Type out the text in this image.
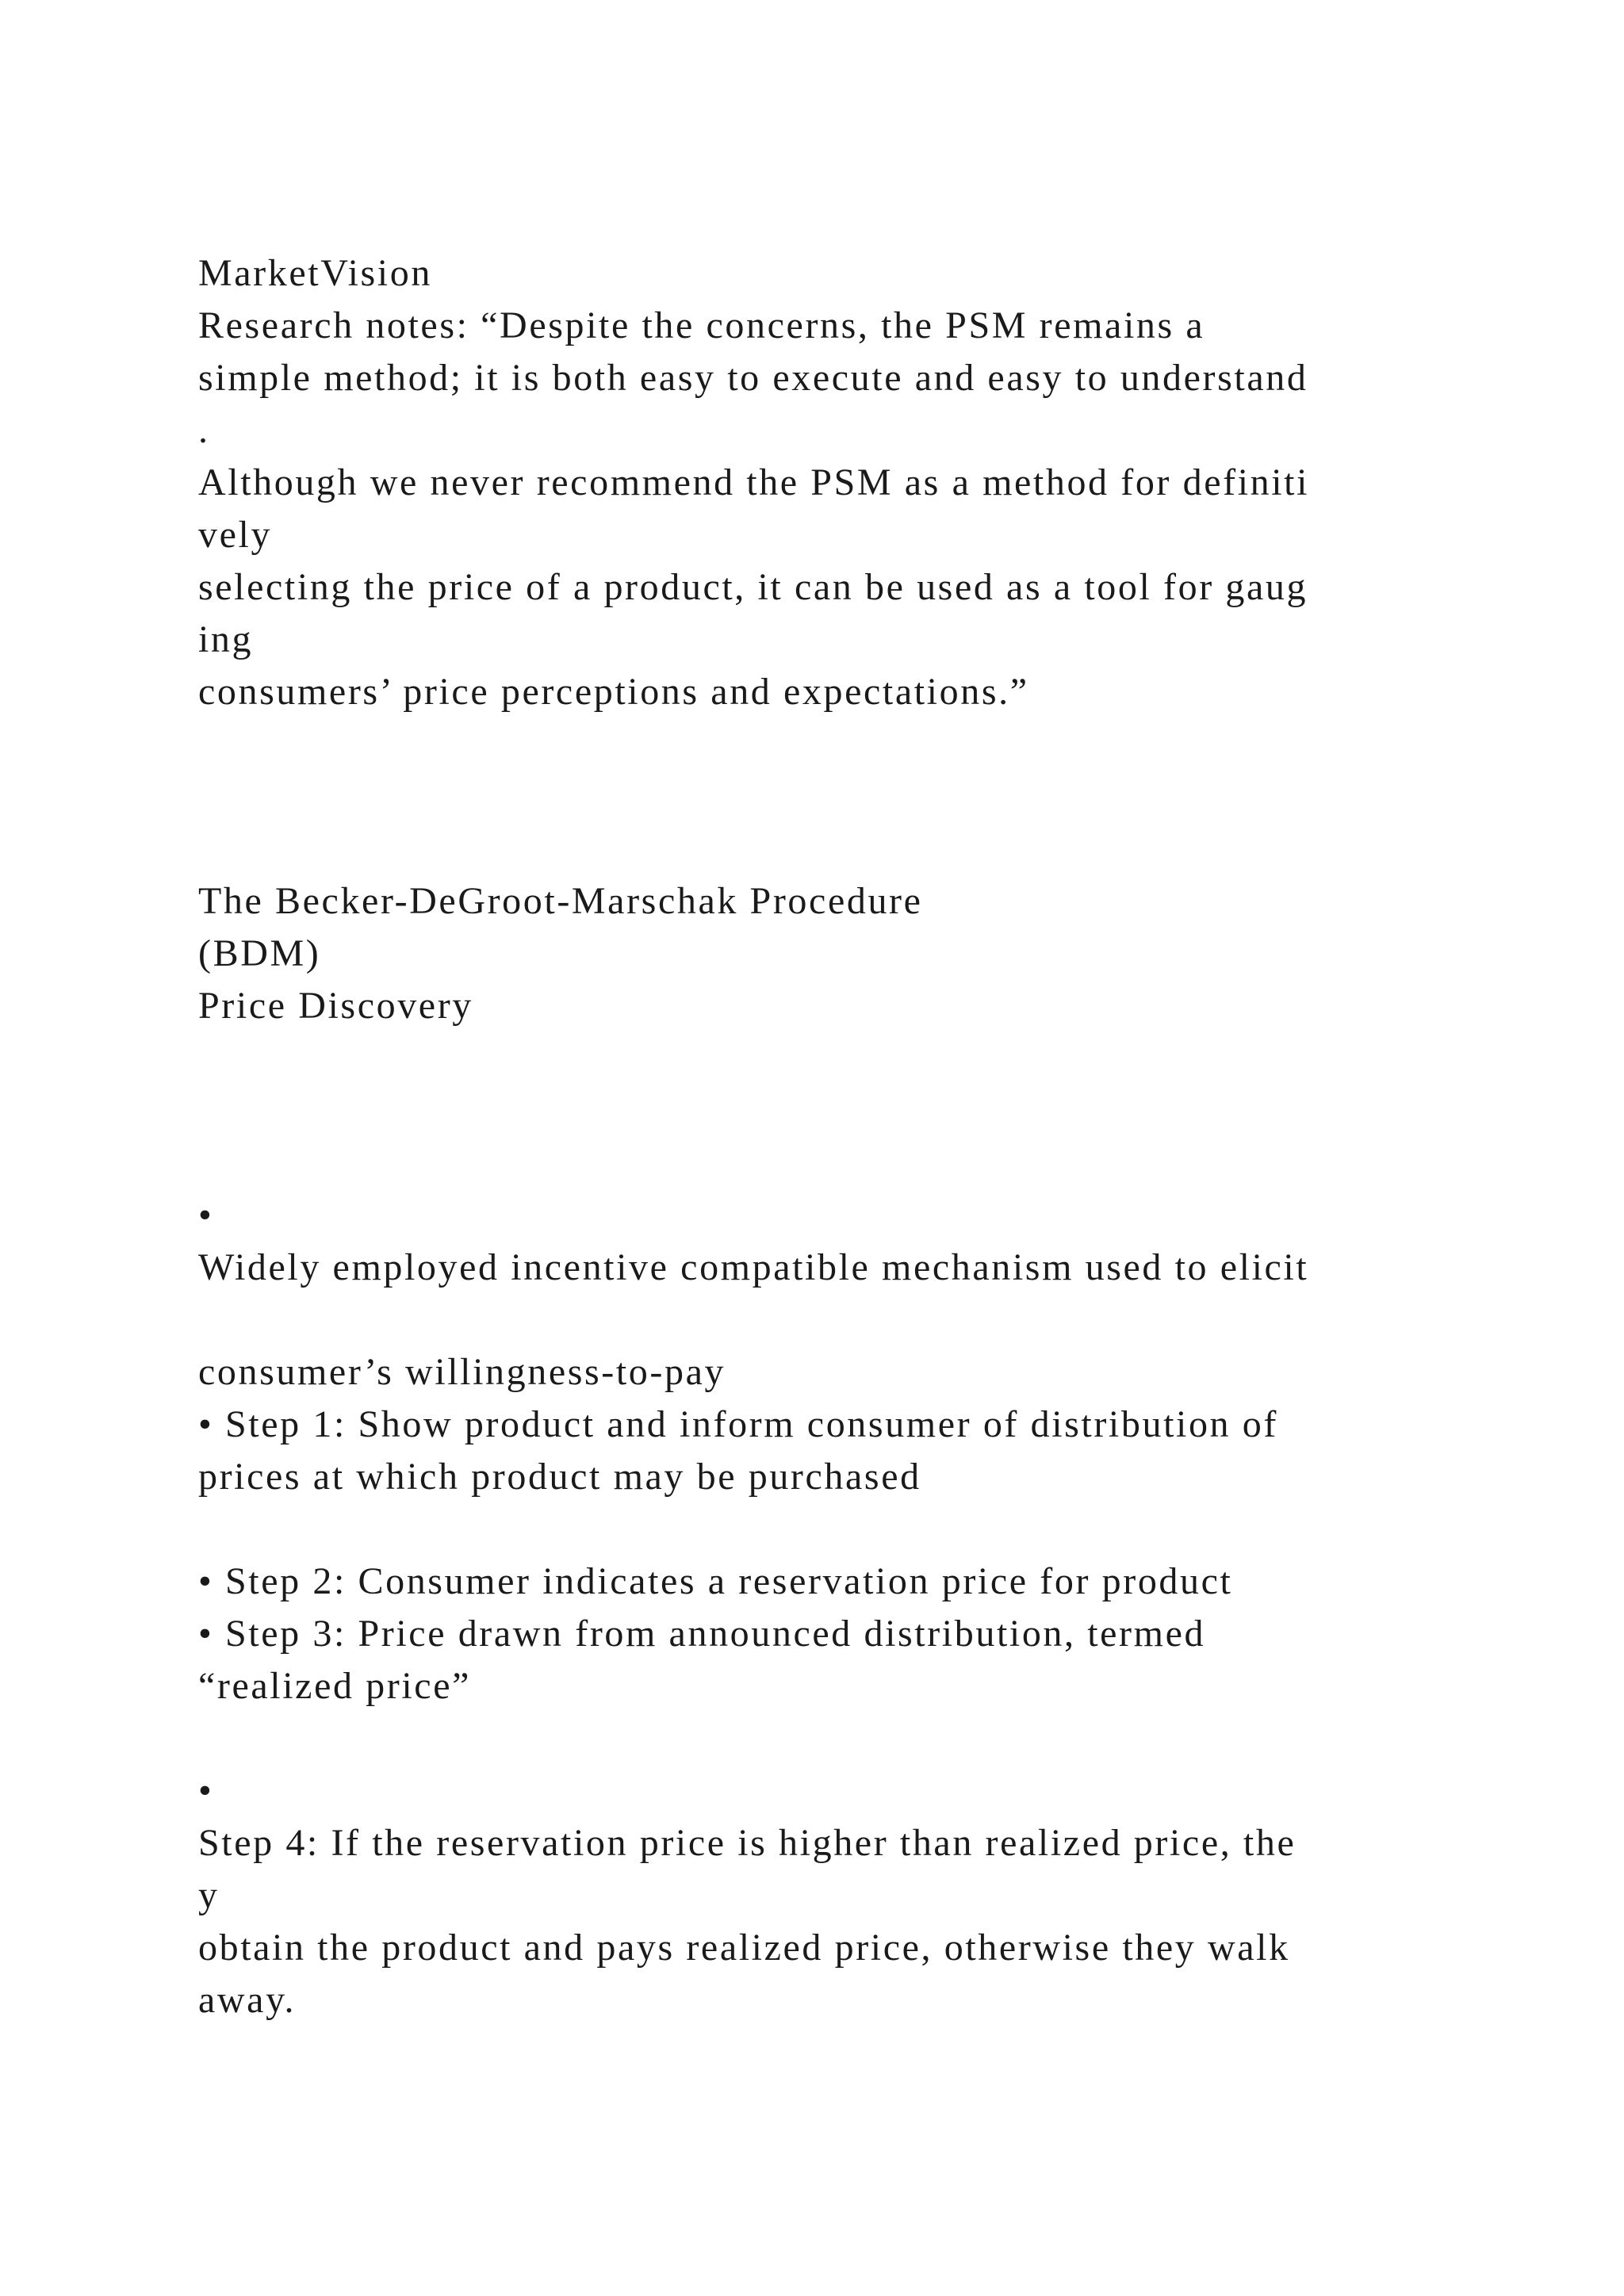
MarketVision
Research notes: “Despite the concerns, the PSM remains a
simple method; it is both easy to execute and easy to understand
.
Although we never recommend the PSM as a method for definiti
vely
selecting the price of a product, it can be used as a tool for gaug
ing
consumers’ price perceptions and expectations.”
The Becker-DeGroot-Marschak Procedure
(BDM)
Price Discovery
•
Widely employed incentive compatible mechanism used to elicit
consumer’s willingness-to-pay
• Step 1: Show product and inform consumer of distribution of
prices at which product may be purchased
• Step 2: Consumer indicates a reservation price for product
• Step 3: Price drawn from announced distribution, termed
“realized price”
•
Step 4: If the reservation price is higher than realized price, the
y
obtain the product and pays realized price, otherwise they walk
away.
